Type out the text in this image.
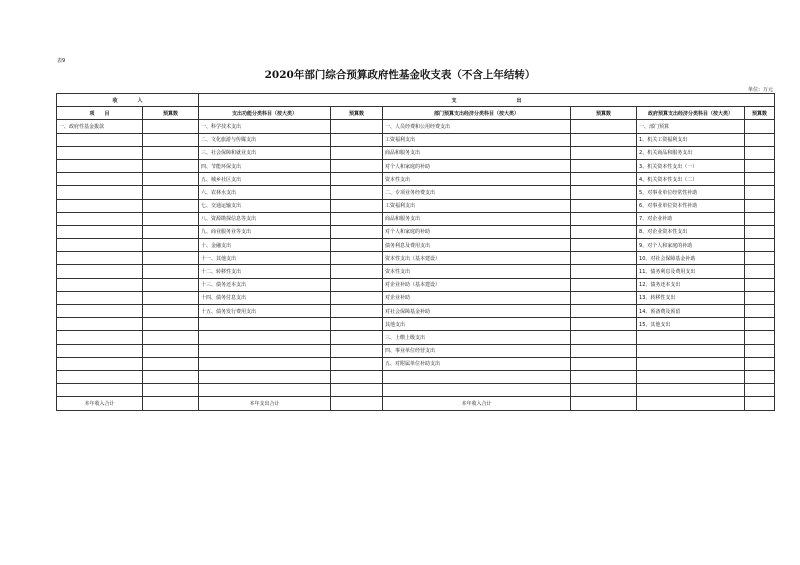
表9
2020年部门综合预算政府性基金收支表（不含上年结转）
单位：万元
收　　　　入		支　　　　　　　　　　　　出					
项　　目	预算数	支出功能分类科目（按大类）	预算数	部门预算支出经济分类科目（按大类）	预算数	政府预算支出经济分类科目（按大类）	预算数
一、政府性基金拨款		一、科学技术支出		一、人员经费和公用经费支出		一、部门预算	
		二、文化旅游与传媒支出		工资福利支出		1、机关工资福利支出	
		三、社会保障和就业支出		商品和服务支出		2、机关商品和服务支出	
		四、节能环保支出		对个人和家庭的补助		3、机关资本性支出（一）	
		五、城乡社区支出		资本性支出		4、机关资本性支出（二）	
		六、农林水支出		二、专项业务经费支出		5、对事业单位经常性补助	
		七、交通运输支出		工资福利支出		6、对事业单位资本性补助	
		八、资源勘探信息等支出		商品和服务支出		7、对企业补助	
		九、商业服务业等支出		对个人和家庭的补助		8、对企业资本性支出	
		十、金融支出		债务利息及费用支出		9、对个人和家庭的补助	
		十一、其他支出		资本性支出（基本建设）		10、对社会保障基金补助	
		十二、转移性支出		资本性支出		11、债务利息及费用支出	
		十三、债务还本支出		对企业补助（基本建设）		12、债务还本支出	
		十四、债务付息支出		对企业补助		13、转移性支出	
		十五、债务发行费用支出		对社会保障基金补助		14、预备费及预留	
				其他支出		15、其他支出	
				三、上缴上级支出			
				四、事业单位经营支出			
				五、对附属单位补助支出			

本年收入合计		本年支出合计		本年收入合计			
